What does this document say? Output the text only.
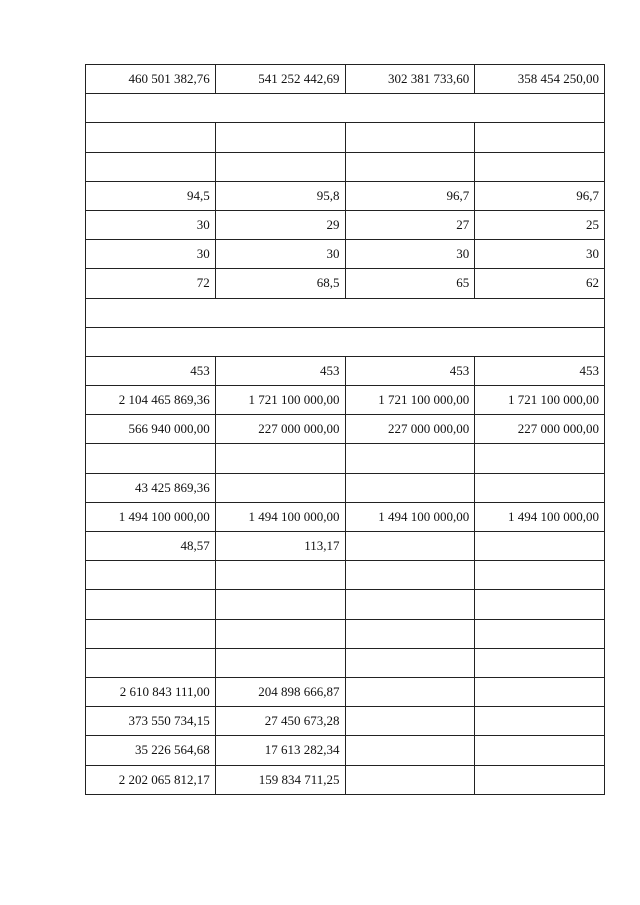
460 501 382,76	541 252 442,69	302 381 733,60	358 454 250,00

94,5	95,8	96,7	96,7
30	29	27	25
30	30	30	30
72	68,5	65	62

453	453	453	453
2 104 465 869,36	1 721 100 000,00	1 721 100 000,00	1 721 100 000,00
566 940 000,00	227 000 000,00	227 000 000,00	227 000 000,00

43 425 869,36			
1 494 100 000,00	1 494 100 000,00	1 494 100 000,00	1 494 100 000,00
48,57	113,17		

2 610 843 111,00	204 898 666,87		
373 550 734,15	27 450 673,28		
35 226 564,68	17 613 282,34		
2 202 065 812,17	159 834 711,25		
